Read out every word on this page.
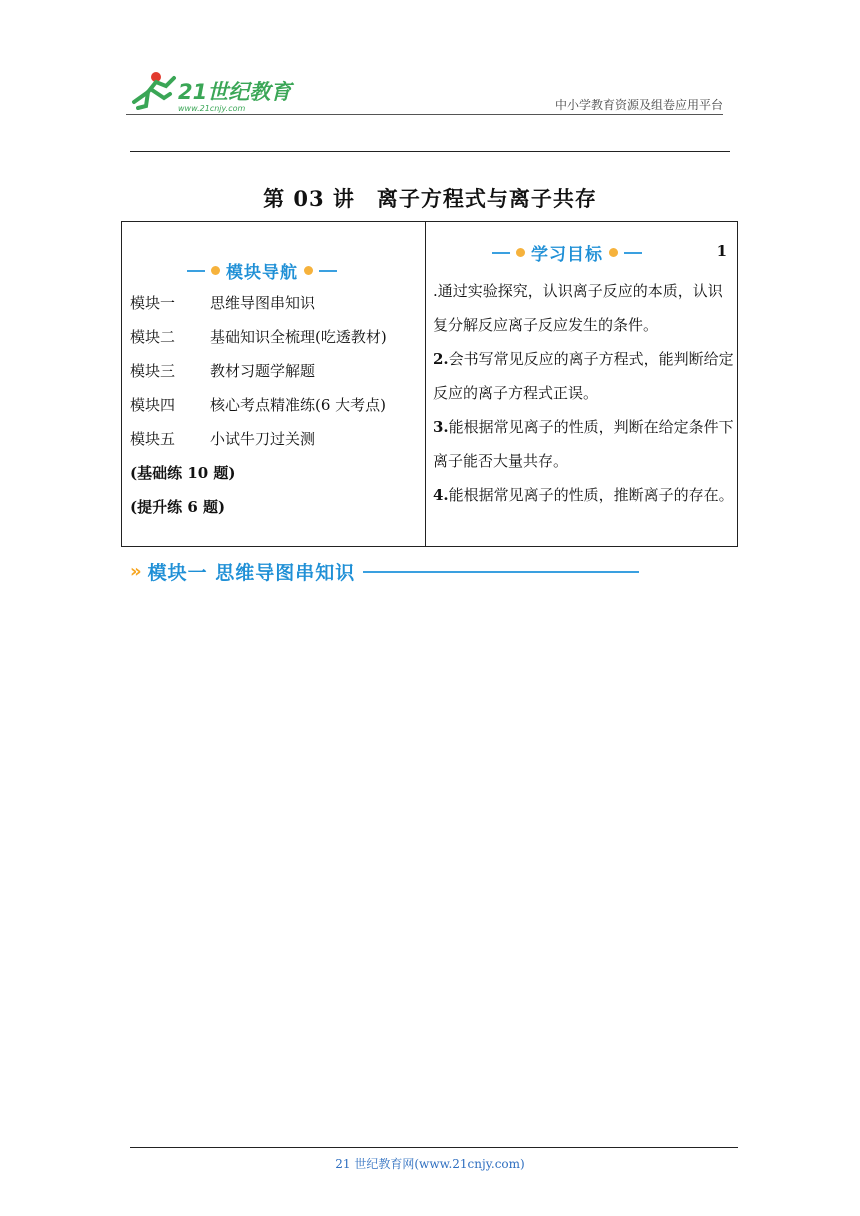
21世纪教育
www.21cnjy.com	中小学教育资源及组卷应用平台
第 03 讲　离子方程式与离子共存
模块导航
模块一	思维导图串知识
模块二	基础知识全梳理(吃透教材)
模块三	教材习题学解题
模块四	核心考点精准练(6 大考点)
模块五	小试牛刀过关测
(基础练 10 题)
(提升练 6 题)
学习目标	1

.通过实验探究，认识离子反应的本质，认识复分解反应离子反应发生的条件。

2.会书写常见反应的离子方程式，能判断给定反应的离子方程式正误。

3.能根据常见离子的性质，判断在给定条件下离子能否大量共存。

4.能根据常见离子的性质，推断离子的存在。

» 模块一 思维导图串知识
21 世纪教育网(www.21cnjy.com)
